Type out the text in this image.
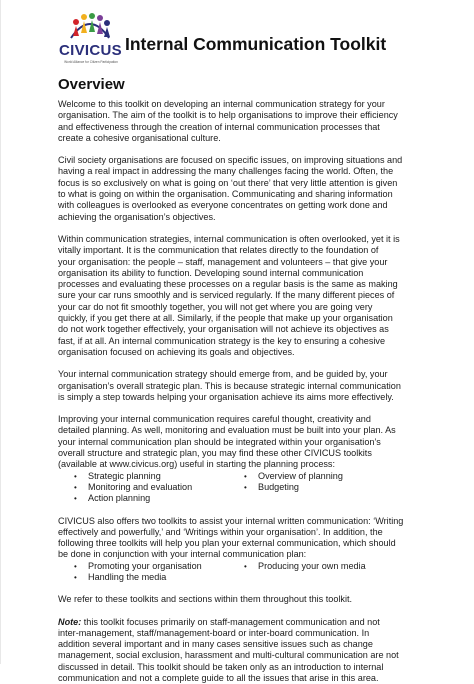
CIVICUS
World Alliance for Citizen Participation
Internal Communication Toolkit
Overview

Welcome to this toolkit on developing an internal communication strategy for your
organisation. The aim of the toolkit is to help organisations to improve their efficiency
and effectiveness through the creation of internal communication processes that
create a cohesive organisational culture.

Civil society organisations are focused on specific issues, on improving situations and
having a real impact in addressing the many challenges facing the world. Often, the
focus is so exclusively on what is going on ‘out there’ that very little attention is given
to what is going on within the organisation. Communicating and sharing information
with colleagues is overlooked as everyone concentrates on getting work done and
achieving the organisation’s objectives.

Within communication strategies, internal communication is often overlooked, yet it is
vitally important. It is the communication that relates directly to the foundation of
your organisation: the people – staff, management and volunteers – that give your
organisation its ability to function. Developing sound internal communication
processes and evaluating these processes on a regular basis is the same as making
sure your car runs smoothly and is serviced regularly. If the many different pieces of
your car do not fit smoothly together, you will not get where you are going very
quickly, if you get there at all. Similarly, if the people that make up your organisation
do not work together effectively, your organisation will not achieve its objectives as
fast, if at all. An internal communication strategy is the key to ensuring a cohesive
organisation focused on achieving its goals and objectives.

Your internal communication strategy should emerge from, and be guided by, your
organisation’s overall strategic plan. This is because strategic internal communication
is simply a step towards helping your organisation achieve its aims more effectively.

Improving your internal communication requires careful thought, creativity and
detailed planning. As well, monitoring and evaluation must be built into your plan. As
your internal communication plan should be integrated within your organisation’s
overall structure and strategic plan, you may find these other CIVICUS toolkits
(available at www.civicus.org) useful in starting the planning process:

•	Strategic planning	•	Overview of planning
•	Monitoring and evaluation	•	Budgeting
•	Action planning

CIVICUS also offers two toolkits to assist your internal written communication: ‘Writing
effectively and powerfully,’ and ‘Writings within your organisation’. In addition, the
following three toolkits will help you plan your external communication, which should
be done in conjunction with your internal communication plan:

•	Promoting your organisation	•	Producing your own media
•	Handling the media

We refer to these toolkits and sections within them throughout this toolkit.

Note: this toolkit focuses primarily on staff-management communication and not
inter-management, staff/management-board or inter-board communication. In
addition several important and in many cases sensitive issues such as change
management, social exclusion, harassment and multi-cultural communication are not
discussed in detail. This toolkit should be taken only as an introduction to internal
communication and not a complete guide to all the issues that arise in this area.
